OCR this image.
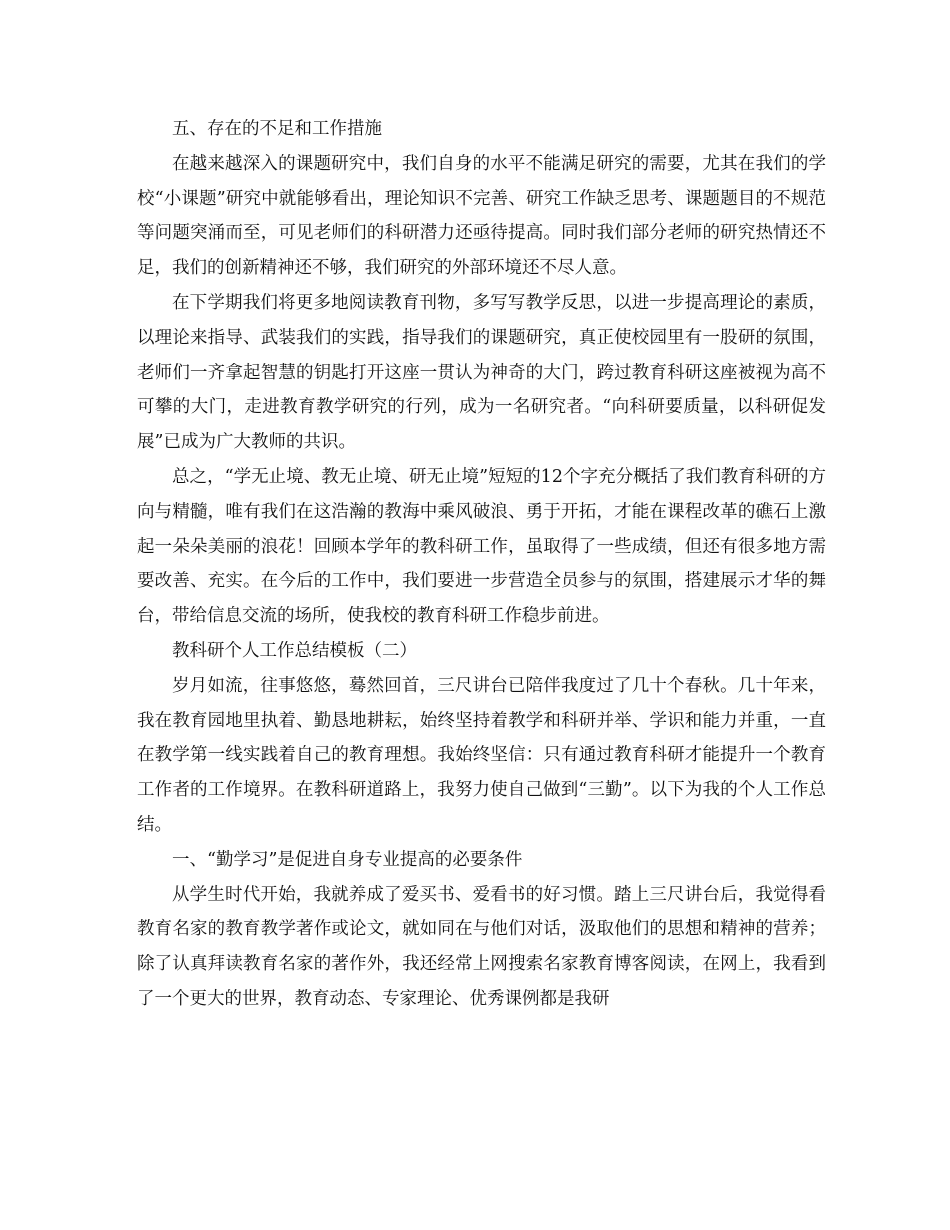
五、存在的不足和工作措施

在越来越深入的课题研究中，我们自身的水平不能满足研究的需要，尤其在我们的学校“小课题”研究中就能够看出，理论知识不完善、研究工作缺乏思考、课题题目的不规范等问题突涌而至，可见老师们的科研潜力还亟待提高。同时我们部分老师的研究热情还不足，我们的创新精神还不够，我们研究的外部环境还不尽人意。

在下学期我们将更多地阅读教育刊物，多写写教学反思，以进一步提高理论的素质，以理论来指导、武装我们的实践，指导我们的课题研究，真正使校园里有一股研的氛围，老师们一齐拿起智慧的钥匙打开这座一贯认为神奇的大门，跨过教育科研这座被视为高不可攀的大门，走进教育教学研究的行列，成为一名研究者。“向科研要质量，以科研促发展”已成为广大教师的共识。

总之，“学无止境、教无止境、研无止境”短短的12个字充分概括了我们教育科研的方向与精髓，唯有我们在这浩瀚的教海中乘风破浪、勇于开拓，才能在课程改革的礁石上激起一朵朵美丽的浪花！回顾本学年的教科研工作，虽取得了一些成绩，但还有很多地方需要改善、充实。在今后的工作中，我们要进一步营造全员参与的氛围，搭建展示才华的舞台，带给信息交流的场所，使我校的教育科研工作稳步前进。

教科研个人工作总结模板（二）

岁月如流，往事悠悠，蓦然回首，三尺讲台已陪伴我度过了几十个春秋。几十年来，我在教育园地里执着、勤恳地耕耘，始终坚持着教学和科研并举、学识和能力并重，一直在教学第一线实践着自己的教育理想。我始终坚信：只有通过教育科研才能提升一个教育工作者的工作境界。在教科研道路上，我努力使自己做到“三勤”。以下为我的个人工作总结。

一、“勤学习”是促进自身专业提高的必要条件

从学生时代开始，我就养成了爱买书、爱看书的好习惯。踏上三尺讲台后，我觉得看教育名家的教育教学著作或论文，就如同在与他们对话，汲取他们的思想和精神的营养；除了认真拜读教育名家的著作外，我还经常上网搜索名家教育博客阅读，在网上，我看到了一个更大的世界，教育动态、专家理论、优秀课例都是我研
